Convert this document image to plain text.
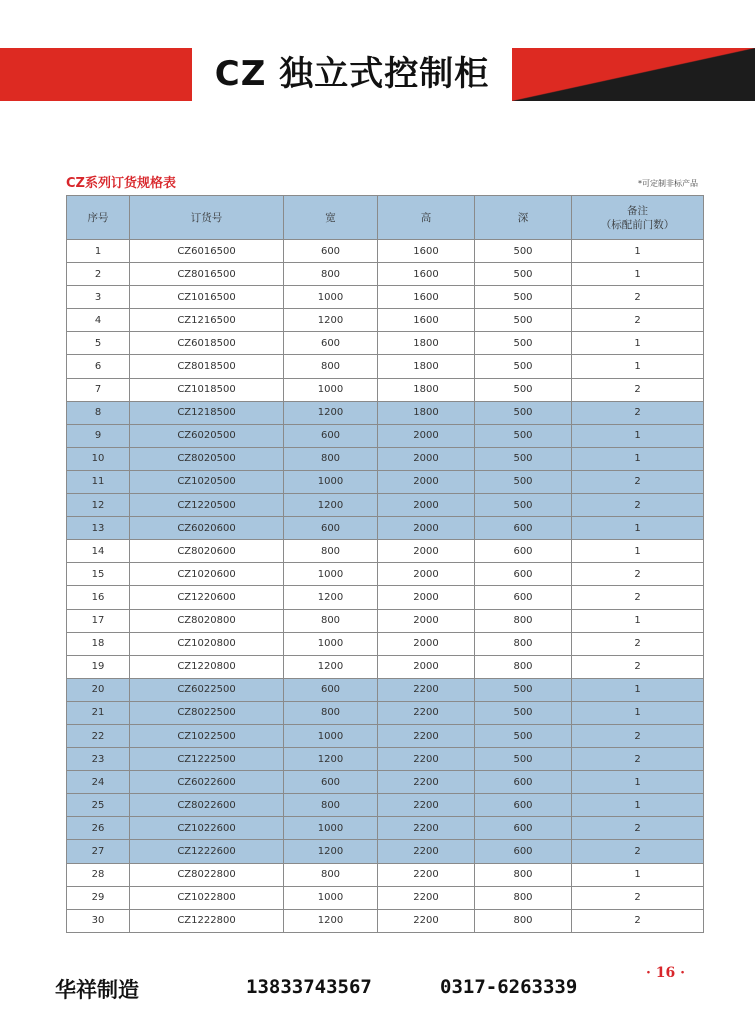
CZ 独立式控制柜
CZ系列订货规格表	*可定制非标产品
序号	订货号	宽	高	深	备注
（标配前门数）
1	CZ6016500	600	1600	500	1
2	CZ8016500	800	1600	500	1
3	CZ1016500	1000	1600	500	2
4	CZ1216500	1200	1600	500	2
5	CZ6018500	600	1800	500	1
6	CZ8018500	800	1800	500	1
7	CZ1018500	1000	1800	500	2
8	CZ1218500	1200	1800	500	2
9	CZ6020500	600	2000	500	1
10	CZ8020500	800	2000	500	1
11	CZ1020500	1000	2000	500	2
12	CZ1220500	1200	2000	500	2
13	CZ6020600	600	2000	600	1
14	CZ8020600	800	2000	600	1
15	CZ1020600	1000	2000	600	2
16	CZ1220600	1200	2000	600	2
17	CZ8020800	800	2000	800	1
18	CZ1020800	1000	2000	800	2
19	CZ1220800	1200	2000	800	2
20	CZ6022500	600	2200	500	1
21	CZ8022500	800	2200	500	1
22	CZ1022500	1000	2200	500	2
23	CZ1222500	1200	2200	500	2
24	CZ6022600	600	2200	600	1
25	CZ8022600	800	2200	600	1
26	CZ1022600	1000	2200	600	2
27	CZ1222600	1200	2200	600	2
28	CZ8022800	800	2200	800	1
29	CZ1022800	1000	2200	800	2
30	CZ1222800	1200	2200	800	2
华祥制造	13833743567	0317-6263339
· 16 ·
